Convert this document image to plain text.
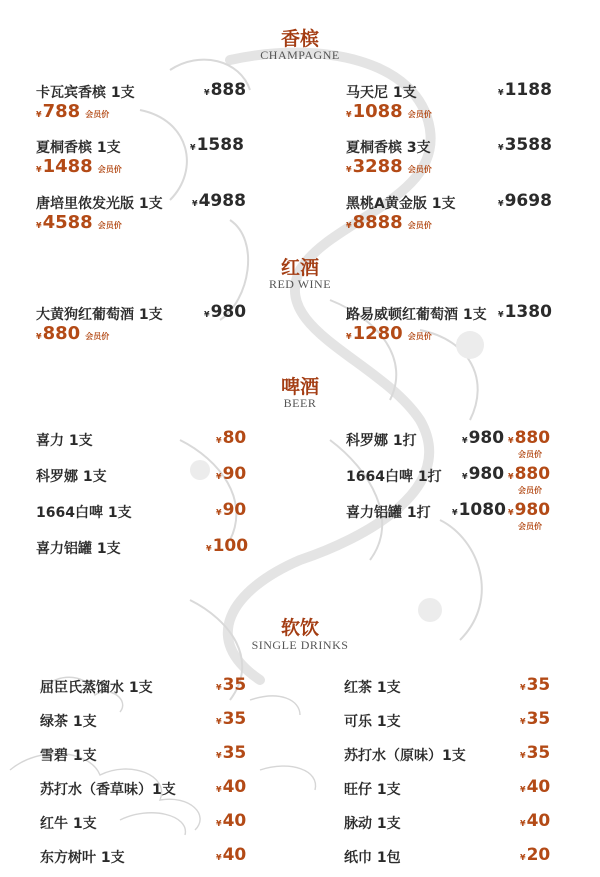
香槟
CHAMPAGNE
卡瓦宾香槟 1支	¥888
¥788 会员价
马天尼 1支	¥1188
¥1088 会员价
夏桐香槟 1支	¥1588
¥1488 会员价
夏桐香槟 3支	¥3588
¥3288 会员价
唐培里侬发光版 1支	¥4988
¥4588 会员价
黑桃A黄金版 1支	¥9698
¥8888 会员价
红酒
RED WINE
大黄狗红葡萄酒 1支	¥980
¥880 会员价
路易威顿红葡萄酒 1支 ¥1380
¥1280 会员价
啤酒
BEER
喜力 1支	¥80
科罗娜 1支	¥90
1664白啤 1支	¥90
喜力铝罐 1支	¥100
科罗娜 1打	¥980 ¥880
会员价
1664白啤 1打	¥980 ¥880
会员价
喜力铝罐 1打	¥1080 ¥980
会员价
软饮
SINGLE DRINKS
屈臣氏蒸馏水 1支	¥35
绿茶 1支	¥35
雪碧 1支	¥35
苏打水（香草味）1支	¥40
红牛 1支	¥40
东方树叶 1支	¥40
红茶 1支	¥35
可乐 1支	¥35
苏打水（原味）1支	¥35
旺仔 1支	¥40
脉动 1支	¥40
纸巾 1包	¥20
